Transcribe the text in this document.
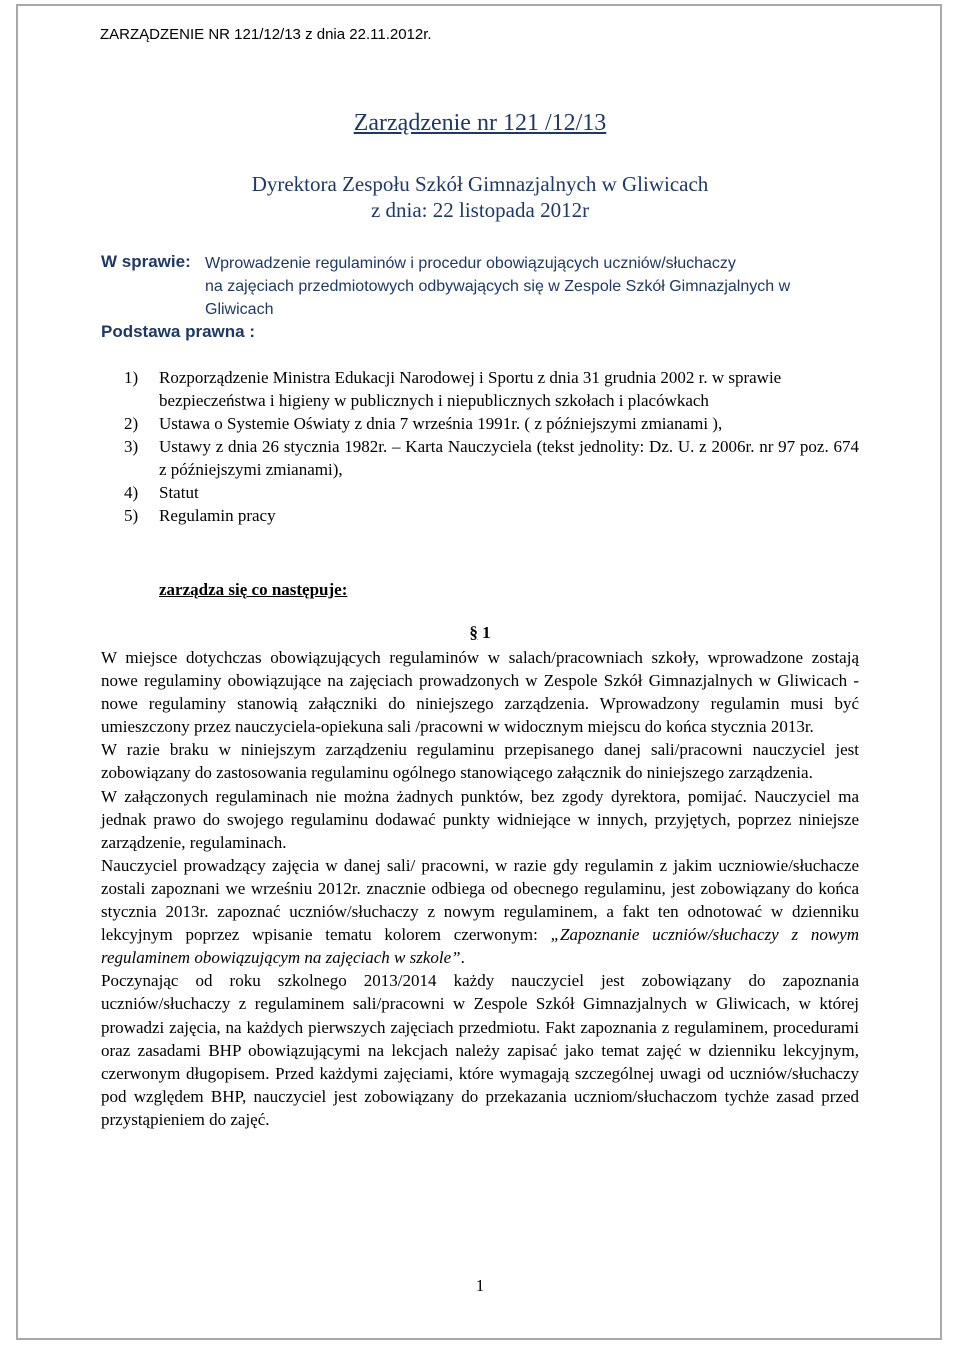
ZARZĄDZENIE NR 121/12/13 z dnia 22.11.2012r.
Zarządzenie nr 121 /12/13
Dyrektora Zespołu Szkół Gimnazjalnych w Gliwicach
z dnia: 22 listopada 2012r
W sprawie: Wprowadzenie regulaminów i procedur obowiązujących uczniów/słuchaczy
na zajęciach przedmiotowych odbywających się w Zespole Szkół Gimnazjalnych w Gliwicach
Podstawa prawna :
1) Rozporządzenie Ministra Edukacji Narodowej i Sportu z dnia 31 grudnia 2002 r. w sprawie bezpieczeństwa i higieny w publicznych i niepublicznych szkołach i placówkach
2) Ustawa o Systemie Oświaty z dnia 7 września 1991r. ( z późniejszymi zmianami ),
3) Ustawy z dnia 26 stycznia 1982r. – Karta Nauczyciela (tekst jednolity: Dz. U. z 2006r. nr 97 poz. 674 z późniejszymi zmianami),
4) Statut
5) Regulamin pracy
zarządza się co następuje:
§ 1

W miejsce dotychczas obowiązujących regulaminów w salach/pracowniach szkoły, wprowadzone zostają nowe regulaminy obowiązujące na zajęciach prowadzonych w Zespole Szkół Gimnazjalnych w Gliwicach - nowe regulaminy stanowią załączniki do niniejszego zarządzenia. Wprowadzony regulamin musi być umieszczony przez nauczyciela-opiekuna sali /pracowni w widocznym miejscu do końca stycznia 2013r.

W razie braku w niniejszym zarządzeniu regulaminu przepisanego danej sali/pracowni nauczyciel jest zobowiązany do zastosowania regulaminu ogólnego stanowiącego załącznik do niniejszego zarządzenia.

W załączonych regulaminach nie można żadnych punktów, bez zgody dyrektora, pomijać. Nauczyciel ma jednak prawo do swojego regulaminu dodawać punkty widniejące w innych, przyjętych, poprzez niniejsze zarządzenie, regulaminach.

Nauczyciel prowadzący zajęcia w danej sali/ pracowni, w razie gdy regulamin z jakim uczniowie/słuchacze zostali zapoznani we wrześniu 2012r. znacznie odbiega od obecnego regulaminu, jest zobowiązany do końca stycznia 2013r. zapoznać uczniów/słuchaczy z nowym regulaminem, a fakt ten odnotować w dzienniku lekcyjnym poprzez wpisanie tematu kolorem czerwonym: „Zapoznanie uczniów/słuchaczy z nowym regulaminem obowiązującym na zajęciach w szkole”.

Poczynając od roku szkolnego 2013/2014 każdy nauczyciel jest zobowiązany do zapoznania uczniów/słuchaczy z regulaminem sali/pracowni w Zespole Szkół Gimnazjalnych w Gliwicach, w której prowadzi zajęcia, na każdych pierwszych zajęciach przedmiotu. Fakt zapoznania z regulaminem, procedurami oraz zasadami BHP obowiązującymi na lekcjach należy zapisać jako temat zajęć w dzienniku lekcyjnym, czerwonym długopisem. Przed każdymi zajęciami, które wymagają szczególnej uwagi od uczniów/słuchaczy pod względem BHP, nauczyciel jest zobowiązany do przekazania uczniom/słuchaczom tychże zasad przed przystąpieniem do zajęć.

1
